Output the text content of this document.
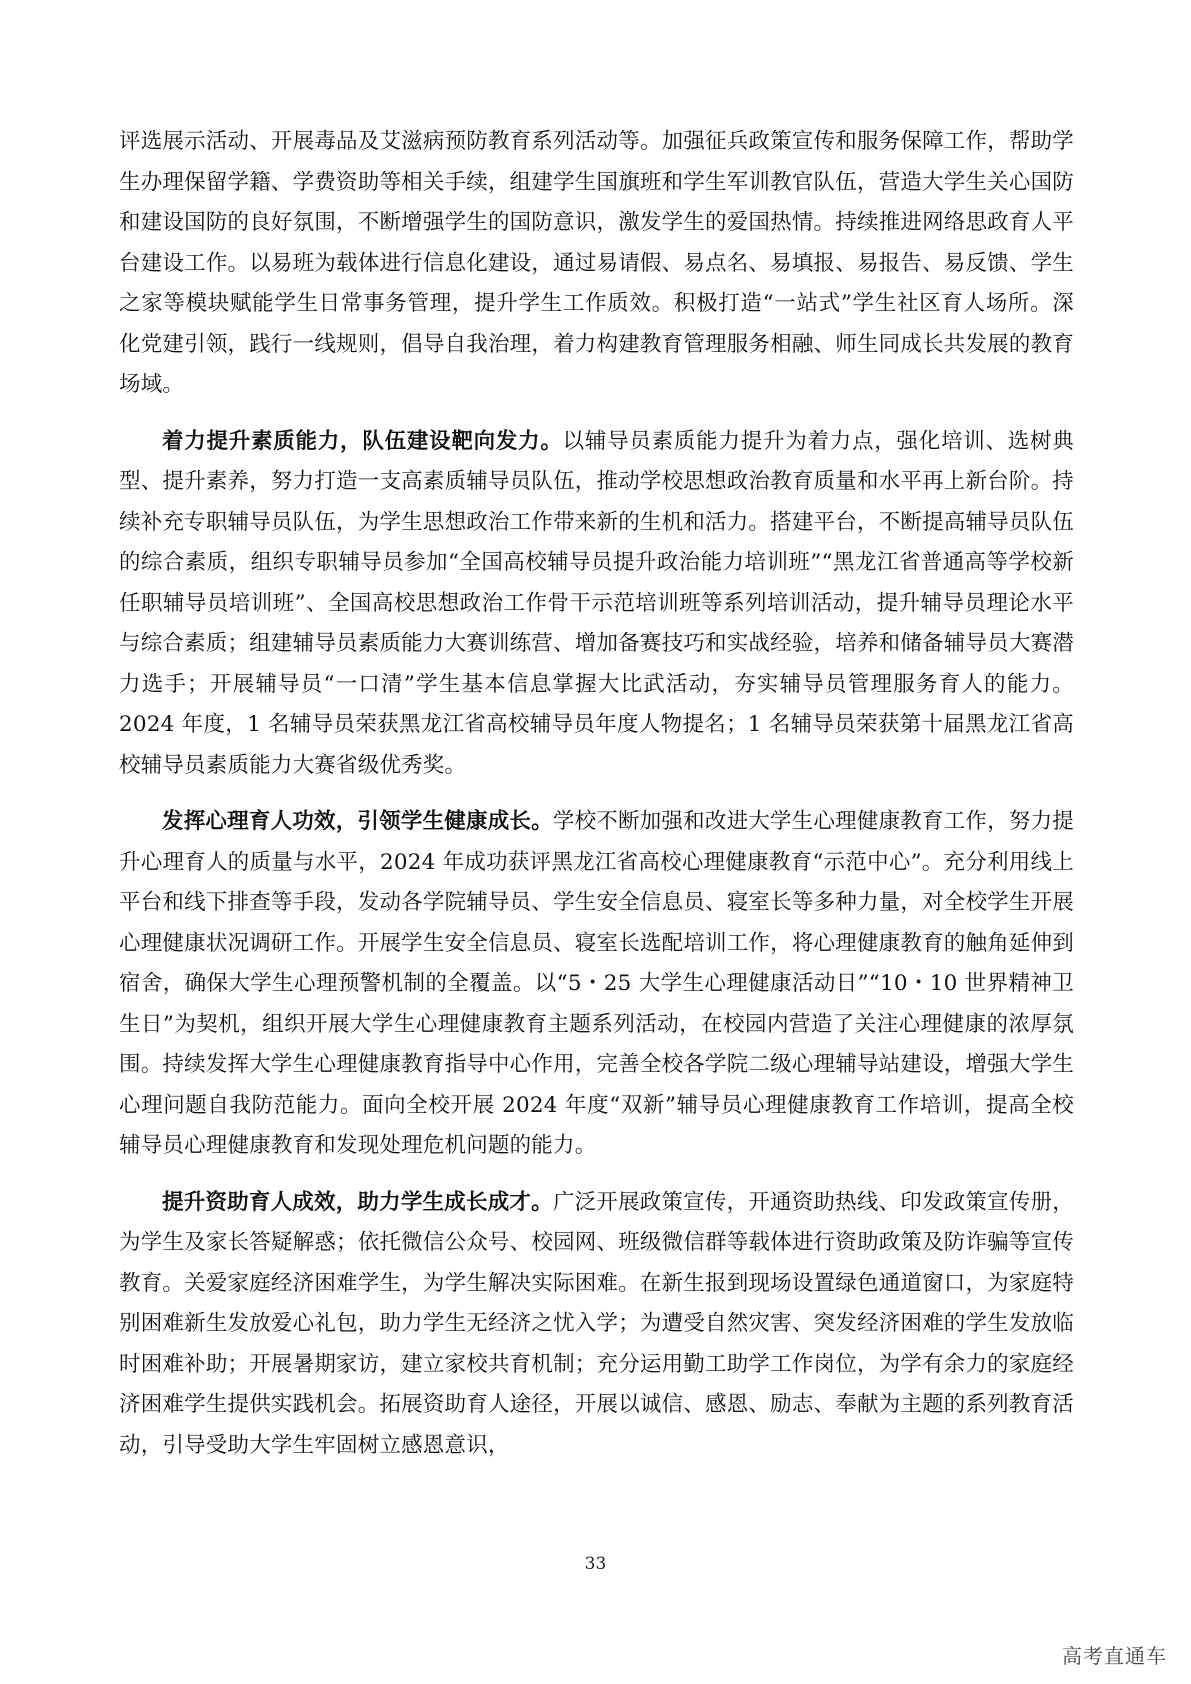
评选展示活动、开展毒品及艾滋病预防教育系列活动等。加强征兵政策宣传和服务保障工作，帮助学生办理保留学籍、学费资助等相关手续，组建学生国旗班和学生军训教官队伍，营造大学生关心国防和建设国防的良好氛围，不断增强学生的国防意识，激发学生的爱国热情。持续推进网络思政育人平台建设工作。以易班为载体进行信息化建设，通过易请假、易点名、易填报、易报告、易反馈、学生之家等模块赋能学生日常事务管理，提升学生工作质效。积极打造“一站式”学生社区育人场所。深化党建引领，践行一线规则，倡导自我治理，着力构建教育管理服务相融、师生同成长共发展的教育场域。

着力提升素质能力，队伍建设靶向发力。以辅导员素质能力提升为着力点，强化培训、选树典型、提升素养，努力打造一支高素质辅导员队伍，推动学校思想政治教育质量和水平再上新台阶。持续补充专职辅导员队伍，为学生思想政治工作带来新的生机和活力。搭建平台，不断提高辅导员队伍的综合素质，组织专职辅导员参加“全国高校辅导员提升政治能力培训班”“黑龙江省普通高等学校新任职辅导员培训班”、全国高校思想政治工作骨干示范培训班等系列培训活动，提升辅导员理论水平与综合素质；组建辅导员素质能力大赛训练营、增加备赛技巧和实战经验，培养和储备辅导员大赛潜力选手；开展辅导员“一口清”学生基本信息掌握大比武活动，夯实辅导员管理服务育人的能力。2024 年度，1 名辅导员荣获黑龙江省高校辅导员年度人物提名；1 名辅导员荣获第十届黑龙江省高校辅导员素质能力大赛省级优秀奖。

发挥心理育人功效，引领学生健康成长。学校不断加强和改进大学生心理健康教育工作，努力提升心理育人的质量与水平，2024 年成功获评黑龙江省高校心理健康教育“示范中心”。充分利用线上平台和线下排查等手段，发动各学院辅导员、学生安全信息员、寝室长等多种力量，对全校学生开展心理健康状况调研工作。开展学生安全信息员、寝室长选配培训工作，将心理健康教育的触角延伸到宿舍，确保大学生心理预警机制的全覆盖。以“5・25 大学生心理健康活动日”“10・10 世界精神卫生日”为契机，组织开展大学生心理健康教育主题系列活动，在校园内营造了关注心理健康的浓厚氛围。持续发挥大学生心理健康教育指导中心作用，完善全校各学院二级心理辅导站建设，增强大学生心理问题自我防范能力。面向全校开展 2024 年度“双新”辅导员心理健康教育工作培训，提高全校辅导员心理健康教育和发现处理危机问题的能力。

提升资助育人成效，助力学生成长成才。广泛开展政策宣传，开通资助热线、印发政策宣传册，为学生及家长答疑解惑；依托微信公众号、校园网、班级微信群等载体进行资助政策及防诈骗等宣传教育。关爱家庭经济困难学生，为学生解决实际困难。在新生报到现场设置绿色通道窗口，为家庭特别困难新生发放爱心礼包，助力学生无经济之忧入学；为遭受自然灾害、突发经济困难的学生发放临时困难补助；开展暑期家访，建立家校共育机制；充分运用勤工助学工作岗位，为学有余力的家庭经济困难学生提供实践机会。拓展资助育人途径，开展以诚信、感恩、励志、奉献为主题的系列教育活动，引导受助大学生牢固树立感恩意识，

33
高考直通车
